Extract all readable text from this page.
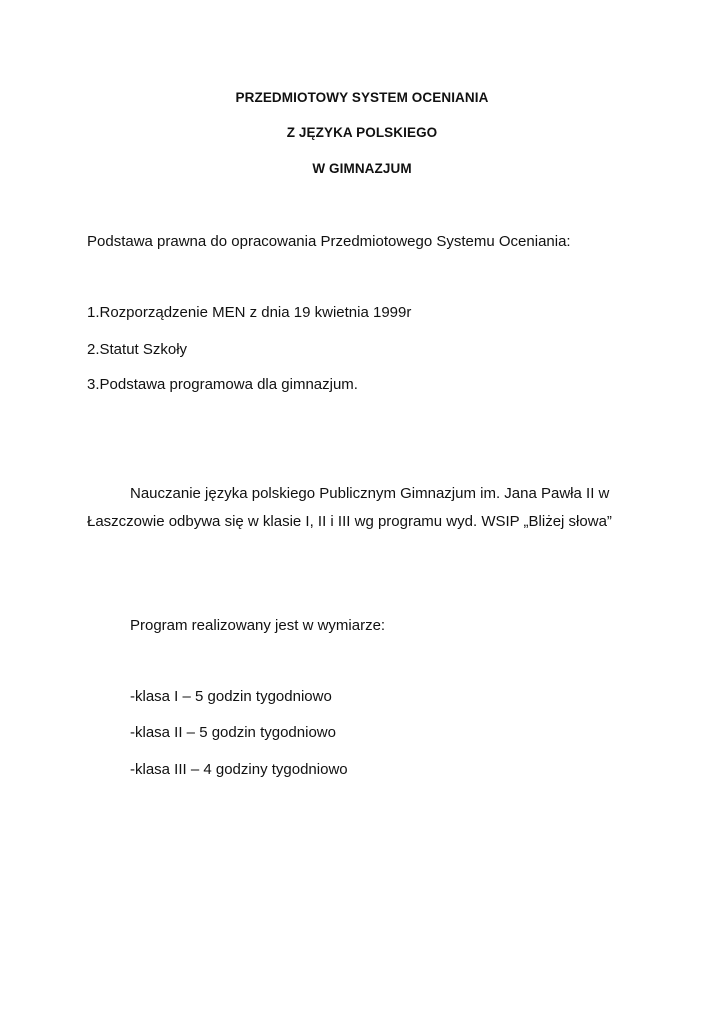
PRZEDMIOTOWY SYSTEM OCENIANIA
Z JĘZYKA POLSKIEGO
W GIMNAZJUM
Podstawa prawna do opracowania Przedmiotowego Systemu Oceniania:
1.Rozporządzenie MEN z dnia 19 kwietnia 1999r
2.Statut Szkoły
3.Podstawa programowa dla gimnazjum.
Nauczanie języka polskiego Publicznym Gimnazjum im. Jana Pawła II w
Łaszczowie odbywa się w klasie I, II i III wg programu wyd. WSIP „Bliżej słowa”
Program realizowany jest w wymiarze:
-klasa I – 5 godzin tygodniowo
-klasa II – 5 godzin tygodniowo
-klasa III – 4 godziny tygodniowo
